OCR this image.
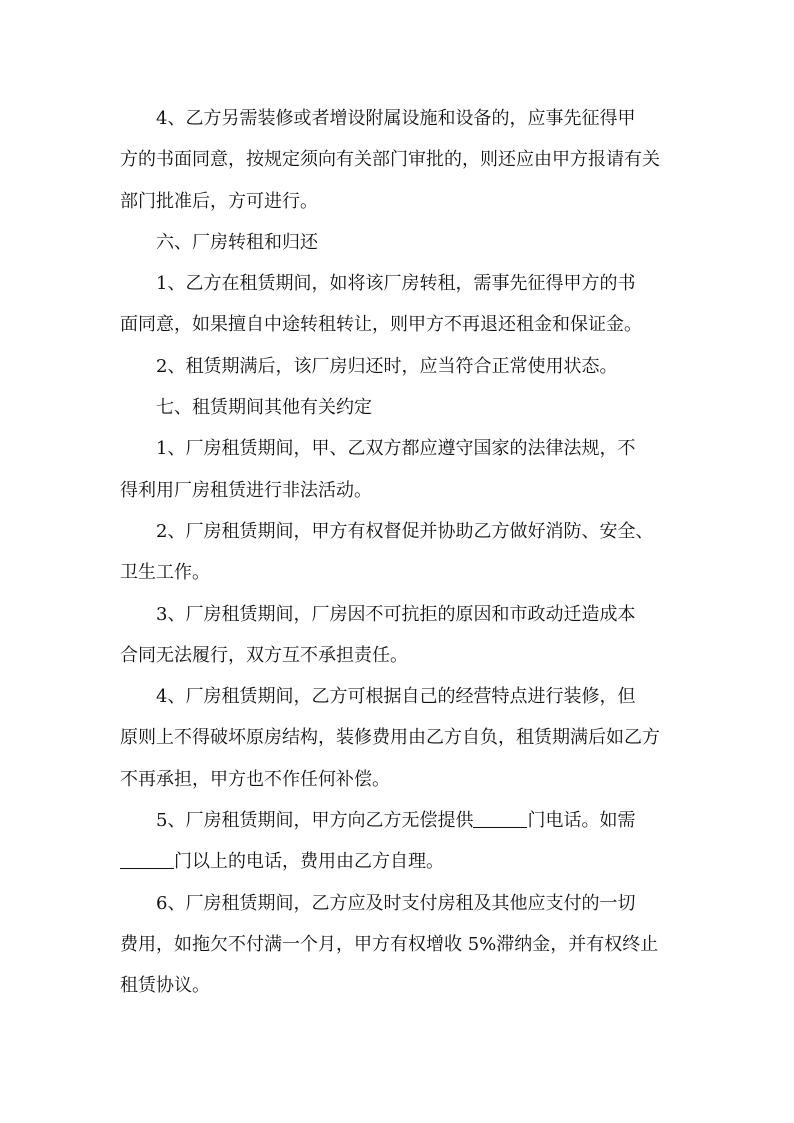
4、乙方另需装修或者增设附属设施和设备的，应事先征得甲
方的书面同意，按规定须向有关部门审批的，则还应由甲方报请有关
部门批准后，方可进行。

六、厂房转租和归还

1、乙方在租赁期间，如将该厂房转租，需事先征得甲方的书
面同意，如果擅自中途转租转让，则甲方不再退还租金和保证金。

2、租赁期满后，该厂房归还时，应当符合正常使用状态。

七、租赁期间其他有关约定

1、厂房租赁期间，甲、乙双方都应遵守国家的法律法规，不
得利用厂房租赁进行非法活动。

2、厂房租赁期间，甲方有权督促并协助乙方做好消防、安全、
卫生工作。

3、厂房租赁期间，厂房因不可抗拒的原因和市政动迁造成本
合同无法履行，双方互不承担责任。

4、厂房租赁期间，乙方可根据自己的经营特点进行装修，但
原则上不得破坏原房结构，装修费用由乙方自负，租赁期满后如乙方
不再承担，甲方也不作任何补偿。

5、厂房租赁期间，甲方向乙方无偿提供	门电话。如需
门以上的电话，费用由乙方自理。

6、厂房租赁期间，乙方应及时支付房租及其他应支付的一切
费用，如拖欠不付满一个月，甲方有权增收 5%滞纳金，并有权终止
租赁协议。
